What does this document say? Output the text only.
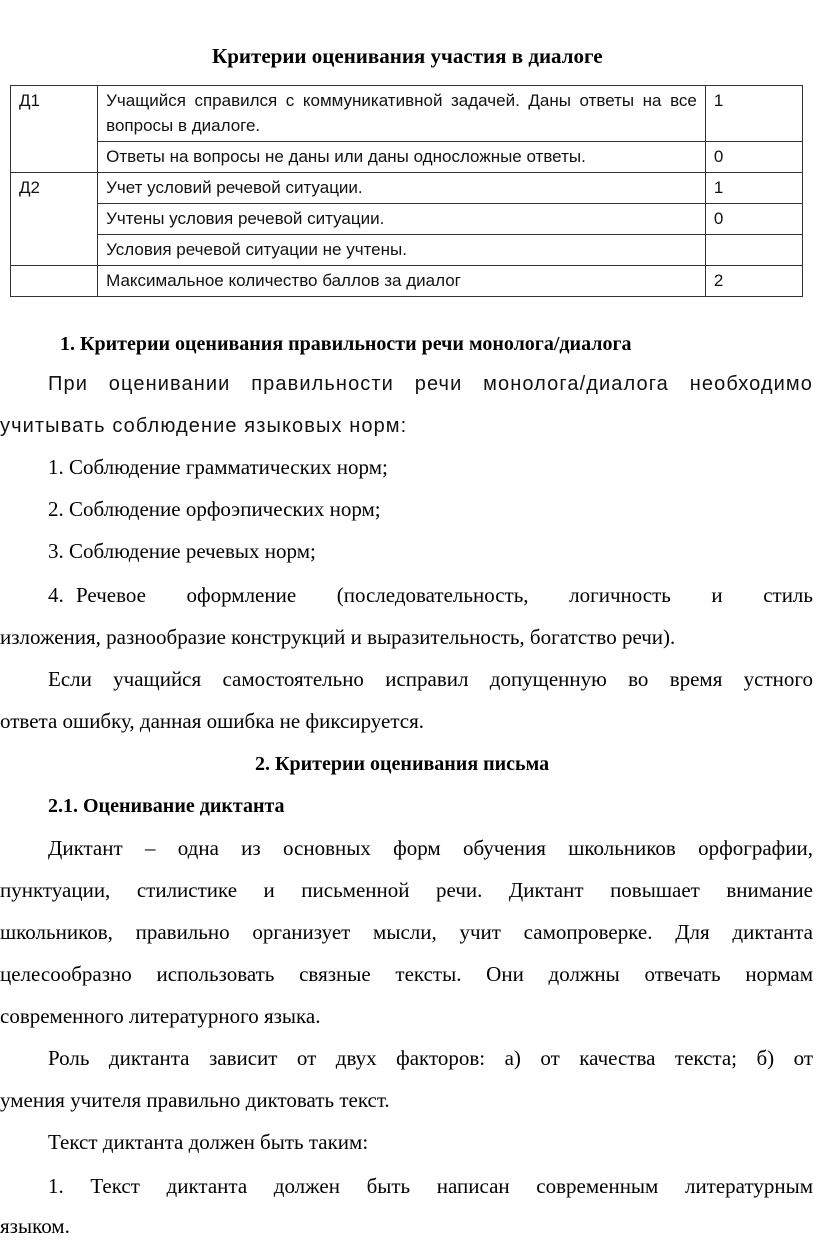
Критерии оценивания участия в диалоге
Д1	Учащийся справился с коммуникативной задачей. Даны ответы на все вопросы в диалоге.	1
	Ответы на вопросы не даны или даны односложные ответы.	0
Д2	Учет условий речевой ситуации.	1
	Учтены условия речевой ситуации.	0
	Условия речевой ситуации не учтены.	
	Максимальное количество баллов за диалог	2
1. Критерии оценивания правильности речи монолога/диалога
При оценивании правильности речи монолога/диалога необходимо
учитывать соблюдение языковых норм:
1. Соблюдение грамматических норм;
2. Соблюдение орфоэпических норм;
3. Соблюдение речевых норм;
4. Речевое оформление (последовательность, логичность и стиль
изложения, разнообразие конструкций и выразительность, богатство речи).
Если учащийся самостоятельно исправил допущенную во время устного
ответа ошибку, данная ошибка не фиксируется.
2. Критерии оценивания письма
2.1. Оценивание диктанта
Диктант – одна из основных форм обучения школьников орфографии,
пунктуации, стилистике и письменной речи. Диктант повышает внимание
школьников, правильно организует мысли, учит самопроверке. Для диктанта
целесообразно использовать связные тексты. Они должны отвечать нормам
современного литературного языка.
Роль диктанта зависит от двух факторов: а) от качества текста; б) от
умения учителя правильно диктовать текст.
Текст диктанта должен быть таким:
1. Текст диктанта должен быть написан современным литературным
языком.
